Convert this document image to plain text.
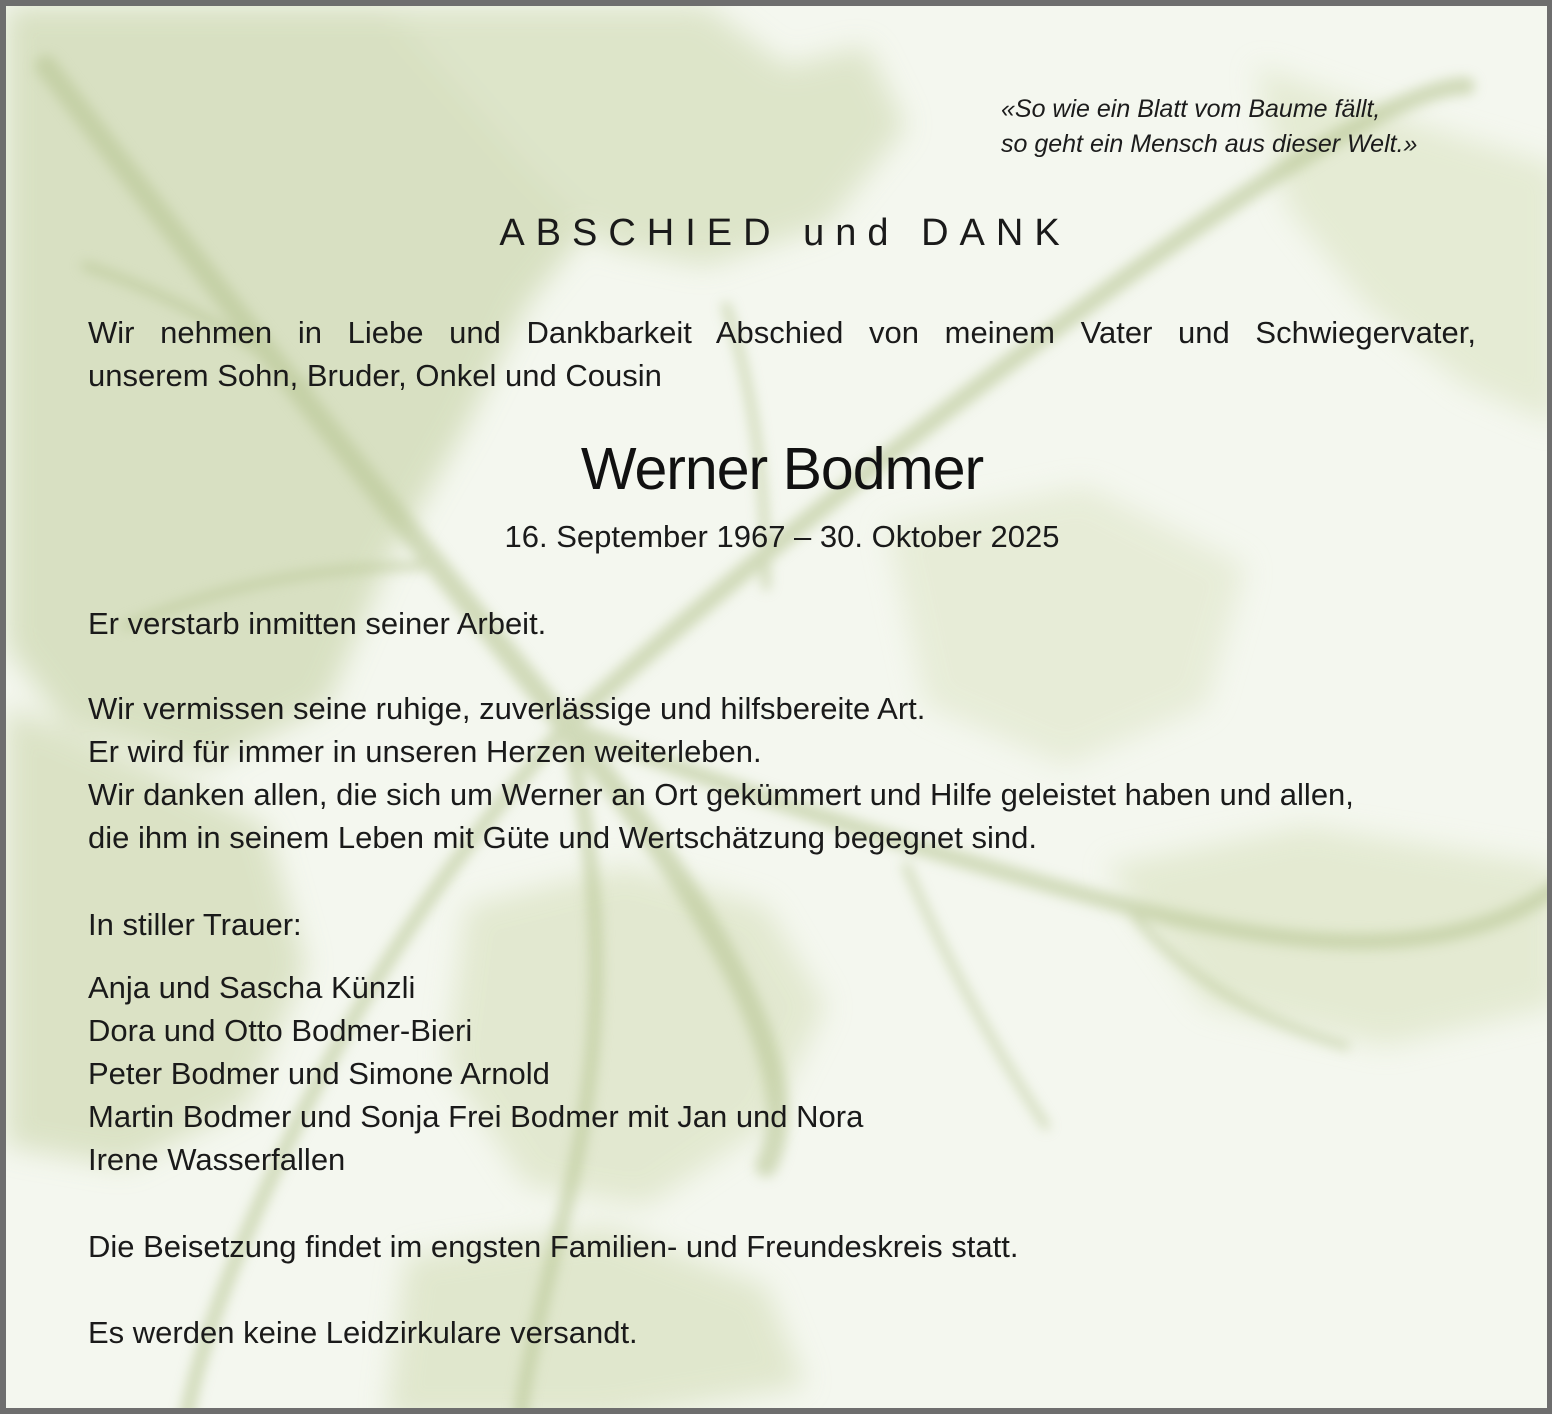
«So wie ein Blatt vom Baume fällt,
so geht ein Mensch aus dieser Welt.»
ABSCHIED und DANK
Wir nehmen in Liebe und Dankbarkeit Abschied von meinem Vater und Schwiegervater,
unserem Sohn, Bruder, Onkel und Cousin
Werner Bodmer
16. September 1967 – 30. Oktober 2025
Er verstarb inmitten seiner Arbeit.
Wir vermissen seine ruhige, zuverlässige und hilfsbereite Art.
Er wird für immer in unseren Herzen weiterleben.
Wir danken allen, die sich um Werner an Ort gekümmert und Hilfe geleistet haben und allen,
die ihm in seinem Leben mit Güte und Wertschätzung begegnet sind.
In stiller Trauer:
Anja und Sascha Künzli
Dora und Otto Bodmer-Bieri
Peter Bodmer und Simone Arnold
Martin Bodmer und Sonja Frei Bodmer mit Jan und Nora
Irene Wasserfallen
Die Beisetzung findet im engsten Familien- und Freundeskreis statt.
Es werden keine Leidzirkulare versandt.
